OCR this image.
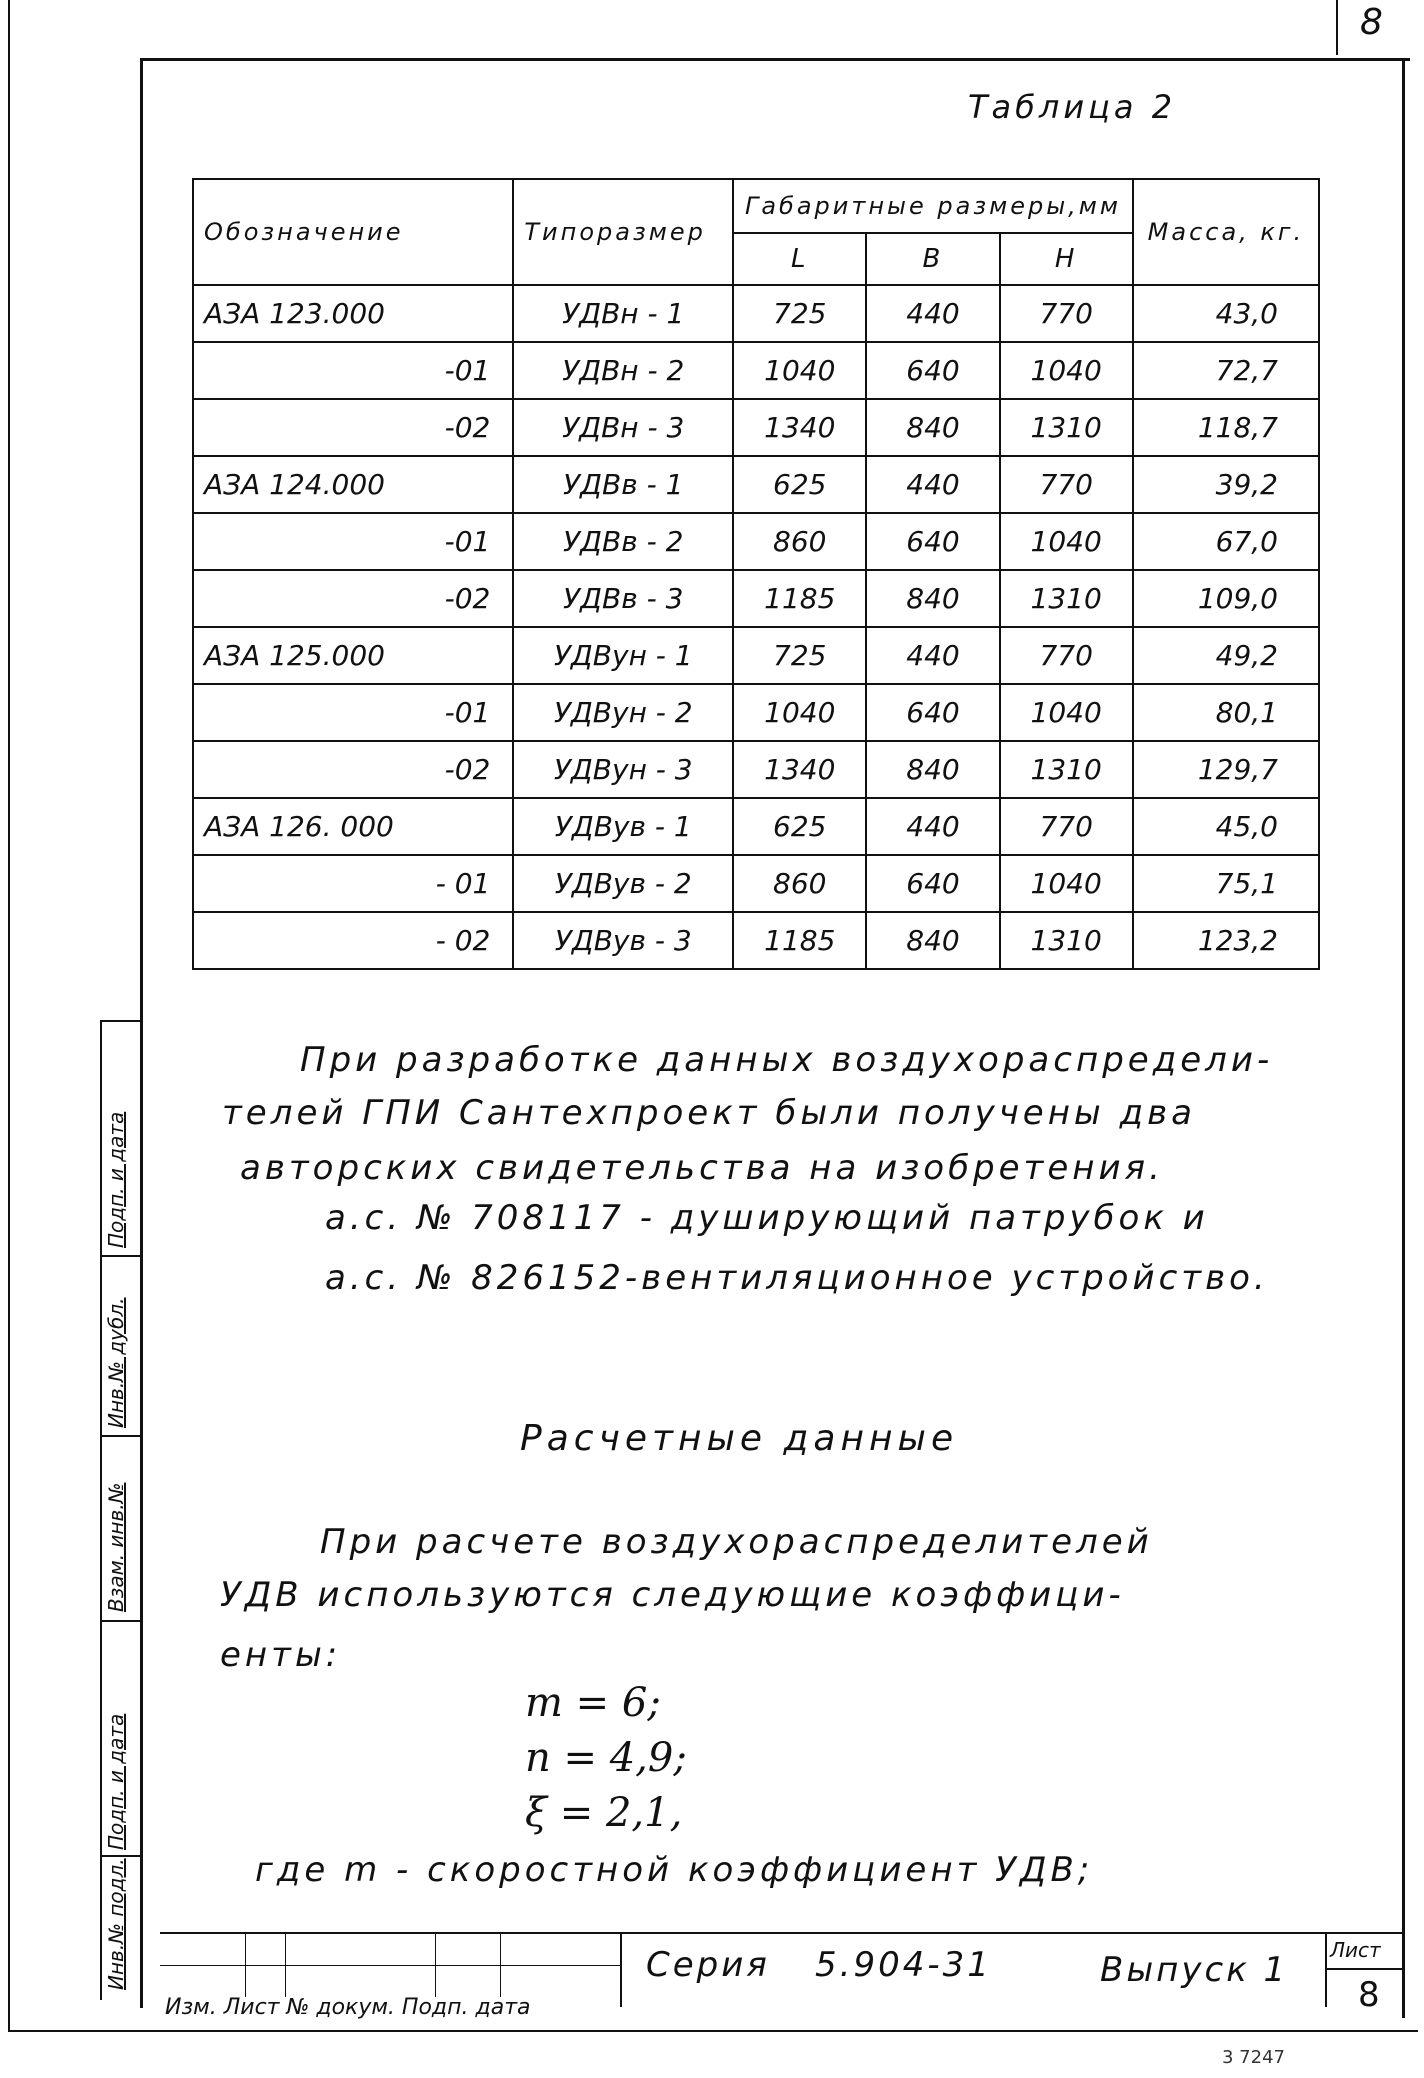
8
Таблица 2
Обозначение	Типоразмер	Габаритные размеры,мм			Масса, кг.
		L	B	H	
АЗА 123.000	УДВн - 1	725	440	770	43,0
-01	УДВн - 2	1040	640	1040	72,7
-02	УДВн - 3	1340	840	1310	118,7
АЗА 124.000	УДВв - 1	625	440	770	39,2
-01	УДВв - 2	860	640	1040	67,0
-02	УДВв - 3	1185	840	1310	109,0
АЗА 125.000	УДВун - 1	725	440	770	49,2
-01	УДВун - 2	1040	640	1040	80,1
-02	УДВун - 3	1340	840	1310	129,7
АЗА 126. 000	УДВув - 1	625	440	770	45,0
- 01	УДВув - 2	860	640	1040	75,1
- 02	УДВув - 3	1185	840	1310	123,2
При разработке данных воздухораспредели-
телей ГПИ Сантехпроект были получены два
авторских свидетельства на изобретения.
а.с. № 708117 - душирующий патрубок и
а.с. № 826152-вентиляционное устройство.
Расчетные данные
При расчете воздухораспределителей
УДВ используются следующие коэффици-
енты:
m = 6;
n = 4,9;
ξ = 2,1,
где m - скоростной коэффициент УДВ;
Инв.№ подл.
Подп. и дата
Взам. инв.№
Инв.№ дубл.
Подп. и дата
Серия 5.904-31	Выпуск 1 Лист
8
Изм. Лист № докум. Подп. дата
3 7247
